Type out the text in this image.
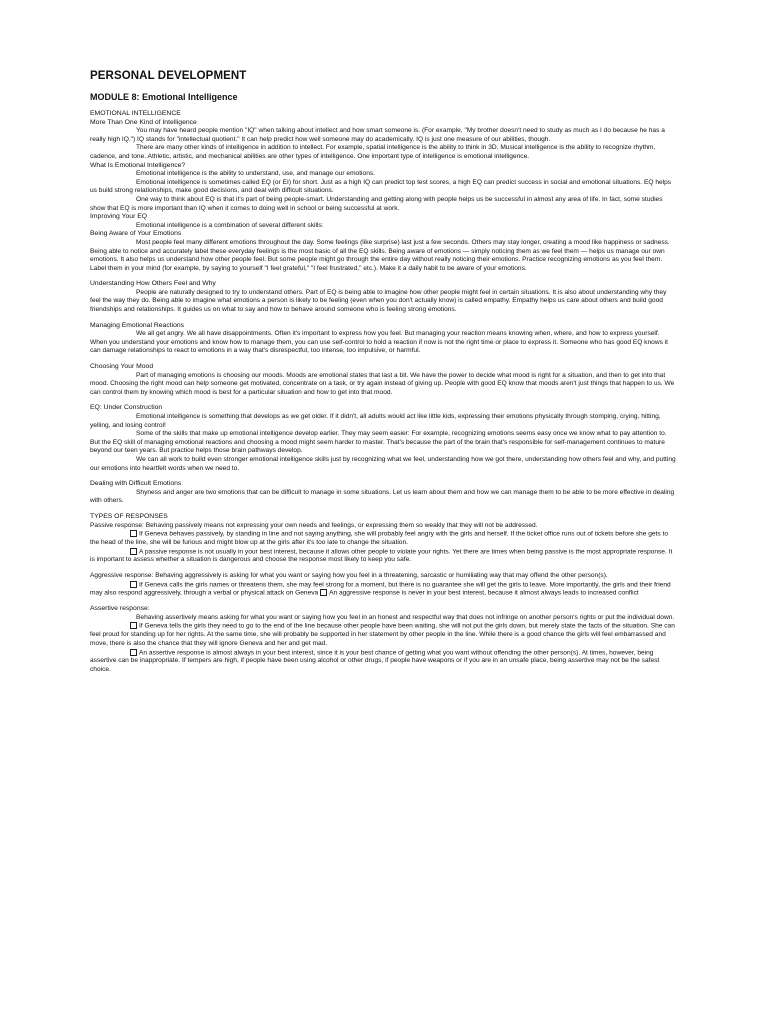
PERSONAL DEVELOPMENT
MODULE 8: Emotional Intelligence
EMOTIONAL INTELLIGENCE
More Than One Kind of Intelligence

You may have heard people mention "IQ" when talking about intellect and how smart someone is. (For example, "My brother doesn't need to study as much as I do because he has a really high IQ.") IQ stands for "intellectual quotient." It can help predict how well someone may do academically. IQ is just one measure of our abilities, though.

There are many other kinds of intelligence in addition to intellect. For example, spatial intelligence is the ability to think in 3D. Musical intelligence is the ability to recognize rhythm, cadence, and tone. Athletic, artistic, and mechanical abilities are other types of intelligence. One important type of intelligence is emotional intelligence.

What Is Emotional Intelligence?

Emotional intelligence is the ability to understand, use, and manage our emotions.

Emotional intelligence is sometimes called EQ (or EI) for short. Just as a high IQ can predict top test scores, a high EQ can predict success in social and emotional situations. EQ helps us build strong relationships, make good decisions, and deal with difficult situations.

One way to think about EQ is that it's part of being people-smart. Understanding and getting along with people helps us be successful in almost any area of life. In fact, some studies show that EQ is more important than IQ when it comes to doing well in school or being successful at work.

Improving Your EQ

Emotional intelligence is a combination of several different skills:

Being Aware of Your Emotions

Most people feel many different emotions throughout the day. Some feelings (like surprise) last just a few seconds. Others may stay longer, creating a mood like happiness or sadness. Being able to notice and accurately label these everyday feelings is the most basic of all the EQ skills. Being aware of emotions — simply noticing them as we feel them — helps us manage our own emotions. It also helps us understand how other people feel. But some people might go through the entire day without really noticing their emotions. Practice recognizing emotions as you feel them. Label them in your mind (for example, by saying to yourself "I feel grateful," "I feel frustrated," etc.). Make it a daily habit to be aware of your emotions.

Understanding How Others Feel and Why

People are naturally designed to try to understand others. Part of EQ is being able to imagine how other people might feel in certain situations. It is also about understanding why they feel the way they do. Being able to imagine what emotions a person is likely to be feeling (even when you don't actually know) is called empathy. Empathy helps us care about others and build good friendships and relationships. It guides us on what to say and how to behave around someone who is feeling strong emotions.

Managing Emotional Reactions

We all get angry. We all have disappointments. Often it's important to express how you feel. But managing your reaction means knowing when, where, and how to express yourself. When you understand your emotions and know how to manage them, you can use self-control to hold a reaction if now is not the right time or place to express it. Someone who has good EQ knows it can damage relationships to react to emotions in a way that's disrespectful, too intense, too impulsive, or harmful.

Choosing Your Mood

Part of managing emotions is choosing our moods. Moods are emotional states that last a bit. We have the power to decide what mood is right for a situation, and then to get into that mood. Choosing the right mood can help someone get motivated, concentrate on a task, or try again instead of giving up. People with good EQ know that moods aren't just things that happen to us. We can control them by knowing which mood is best for a particular situation and how to get into that mood.

EQ: Under Construction

Emotional intelligence is something that develops as we get older. If it didn't, all adults would act like little kids, expressing their emotions physically through stomping, crying, hitting, yelling, and losing control!

Some of the skills that make up emotional intelligence develop earlier. They may seem easier: For example, recognizing emotions seems easy once we know what to pay attention to. But the EQ skill of managing emotional reactions and choosing a mood might seem harder to master. That's because the part of the brain that's responsible for self-management continues to mature beyond our teen years. But practice helps those brain pathways develop.

We can all work to build even stronger emotional intelligence skills just by recognizing what we feel, understanding how we got there, understanding how others feel and why, and putting our emotions into heartfelt words when we need to.

Dealing with Difficult Emotions

Shyness and anger are two emotions that can be difficult to manage in some situations. Let us learn about them and how we can manage them to be able to be more effective in dealing with others.

TYPES OF RESPONSES

Passive response: Behaving passively means not expressing your own needs and feelings, or expressing them so weakly that they will not be addressed.

If Geneva behaves passively, by standing in line and not saying anything, she will probably feel angry with the girls and herself. If the ticket office runs out of tickets before she gets to the head of the line, she will be furious and might blow up at the girls after it's too late to change the situation.

A passive response is not usually in your best interest, because it allows other people to violate your rights. Yet there are times when being passive is the most appropriate response. It is important to assess whether a situation is dangerous and choose the response most likely to keep you safe.

Aggressive response: Behaving aggressively is asking for what you want or saying how you feel in a threatening, sarcastic or humiliating way that may offend the other person(s).

If Geneva calls the girls names or threatens them, she may feel strong for a moment, but there is no guarantee she will get the girls to leave. More importantly, the girls and their friend may also respond aggressively, through a verbal or physical attack on Geneva An aggressive response is never in your best interest, because it almost always leads to increased conflict

Assertive response:

Behaving assertively means asking for what you want or saying how you feel in an honest and respectful way that does not infringe on another person's rights or put the individual down.

If Geneva tells the girls they need to go to the end of the line because other people have been waiting, she will not put the girls down, but merely state the facts of the situation. She can feel proud for standing up for her rights. At the same time, she will probably be supported in her statement by other people in the line. While there is a good chance the girls will feel embarrassed and move, there is also the chance that they will ignore Geneva and her and get mad.

An assertive response is almost always in your best interest, since it is your best chance of getting what you want without offending the other person(s). At times, however, being assertive can be inappropriate. If tempers are high, if people have been using alcohol or other drugs, if people have weapons or if you are in an unsafe place, being assertive may not be the safest choice.
